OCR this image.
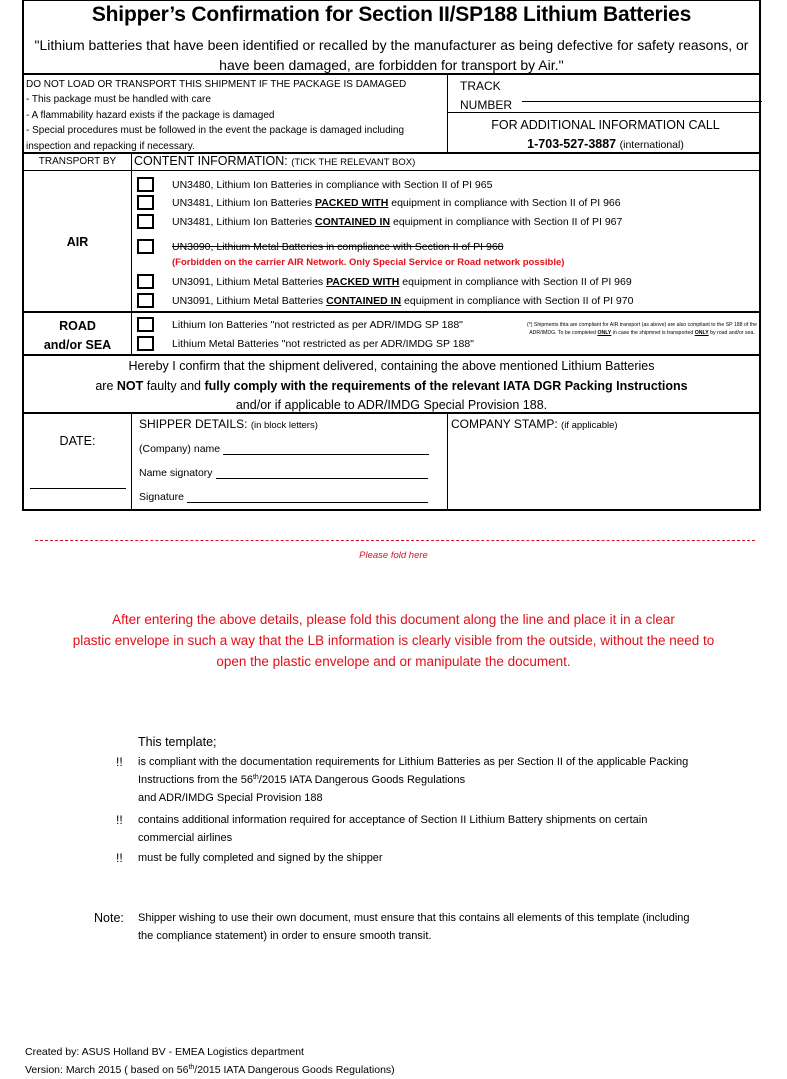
Shipper’s Confirmation for Section II/SP188 Lithium Batteries
"Lithium batteries that have been identified or recalled by the manufacturer as being defective for safety reasons, or have been damaged, are forbidden for transport by Air.''
DO NOT LOAD OR TRANSPORT THIS SHIPMENT IF THE PACKAGE IS DAMAGED
- This package must be handled with care
- A flammability hazard exists if the package is damaged
- Special procedures must be followed in the event the package is damaged including
inspection and repacking if necessary.
TRACK
NUMBER
FOR ADDITIONAL INFORMATION CALL
1-703-527-3887 (international)
TRANSPORT BY	CONTENT INFORMATION: (TICK THE RELEVANT BOX)
AIR
UN3480, Lithium Ion Batteries in compliance with Section II of PI 965
UN3481, Lithium Ion Batteries PACKED WITH equipment in compliance with Section II of PI 966
UN3481, Lithium Ion Batteries CONTAINED IN equipment in compliance with Section II of PI 967
UN3090, Lithium Metal Batteries in compliance with Section II of PI 968
(Forbidden on the carrier AIR Network. Only Special Service or Road network possible)
UN3091, Lithium Metal Batteries PACKED WITH equipment in compliance with Section II of PI 969
UN3091, Lithium Metal Batteries CONTAINED IN equipment in compliance with Section II of PI 970
ROAD
and/or SEA
Lithium Ion Batteries "not restricted as per ADR/IMDG SP 188"
Lithium Metal Batteries "not restricted as per ADR/IMDG SP 188"
(*) Shipments thta are compliant for AIR transport (as above) are also compliant to the SP 188 of the ADR/IMDG. To be completed ONLY in case the shipmnet is transported ONLY by road and/or sea.
Hereby I confirm that the shipment delivered, containing the above mentioned Lithium Batteries
are NOT faulty and fully comply with the requirements of the relevant IATA DGR Packing Instructions
and/or if applicable to ADR/IMDG Special Provision 188.
DATE:
SHIPPER DETAILS: (in block letters)
(Company) name
Name signatory
Signature
COMPANY STAMP: (if applicable)
Please fold here
After entering the above details, please fold this document along the line and place it in a clear
plastic envelope in such a way that the LB information is clearly visible from the outside, without the need to
open the plastic envelope and or manipulate the document.
This template;
!!	is compliant with the documentation requirements for Lithium Batteries as per Section II of the applicable Packing
Instructions from the 56th/2015 IATA Dangerous Goods Regulations
and ADR/IMDG Special Provision 188
!!	contains additional information required for acceptance of Section II Lithium Battery shipments on certain
commercial airlines
!!	must be fully completed and signed by the shipper
Note: Shipper wishing to use their own document, must ensure that this contains all elements of this template (including
the compliance statement) in order to ensure smooth transit.
Created by: ASUS Holland BV - EMEA Logistics department
Version: March 2015 ( based on 56th/2015 IATA Dangerous Goods Regulations)
